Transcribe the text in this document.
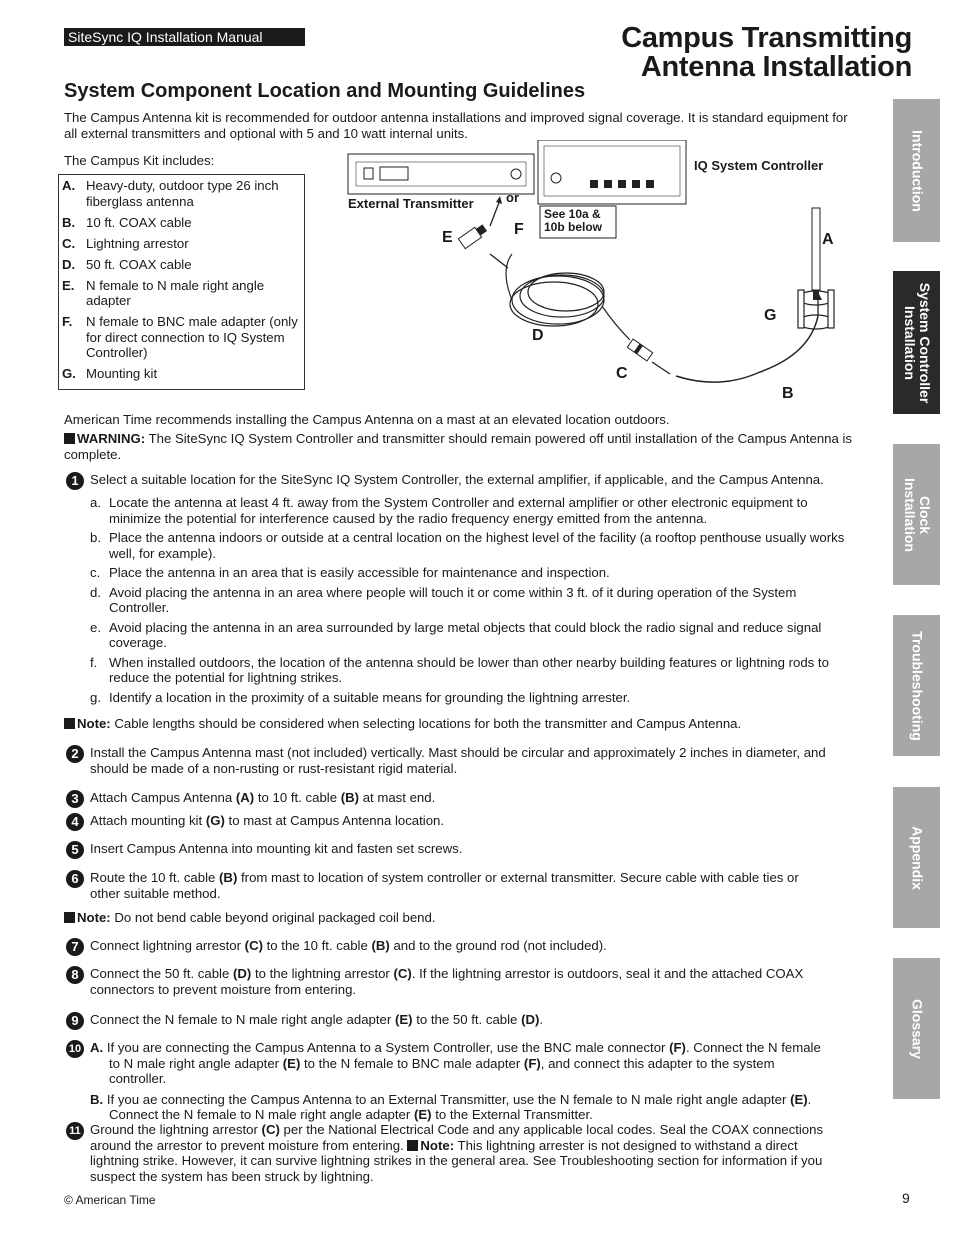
SiteSync IQ Installation Manual	Campus Transmitting
Antenna Installation
System Component Location and Mounting Guidelines
The Campus Antenna kit is recommended for outdoor antenna installations and improved signal coverage. It is standard equipment for all external transmitters and optional with 5 and 10 watt internal units.
The Campus Kit includes:
A. Heavy-duty, outdoor type 26 inch fiberglass antenna
B. 10 ft. COAX cable
C. Lightning arrestor
D. 50 ft. COAX cable
E. N female to N male right angle adapter
F.	N female to BNC male adapter (only for direct connection to IQ System Controller)
G. Mounting kit
IQ System Controller
External Transmitter or
See 10a & 10b below
E	F
A
G
D
C
B
American Time recommends installing the Campus Antenna on a mast at an elevated location outdoors.
WARNING: The SiteSync IQ System Controller and transmitter should remain powered off until installation of the Campus Antenna is complete.
1 Select a suitable location for the SiteSync IQ System Controller, the external amplifier, if applicable, and the Campus Antenna.
a. Locate the antenna at least 4 ft. away from the System Controller and external amplifier or other electronic equipment to minimize the potential for interference caused by the radio frequency energy emitted from the antenna.
b. Place the antenna indoors or outside at a central location on the highest level of the facility (a rooftop penthouse usually works well, for example).
c. Place the antenna in an area that is easily accessible for maintenance and inspection.
d. Avoid placing the antenna in an area where people will touch it or come within 3 ft. of it during operation of the System Controller.
e. Avoid placing the antenna in an area surrounded by large metal objects that could block the radio signal and reduce signal coverage.
f. When installed outdoors, the location of the antenna should be lower than other nearby building features or lightning rods to reduce the potential for lightning strikes.
g. Identify a location in the proximity of a suitable means for grounding the lightning arrester.
Note: Cable lengths should be considered when selecting locations for both the transmitter and Campus Antenna.
2 Install the Campus Antenna mast (not included) vertically. Mast should be circular and approximately 2 inches in diameter, and should be made of a non-rusting or rust-resistant rigid material.
3 Attach Campus Antenna (A) to 10 ft. cable (B) at mast end.
4 Attach mounting kit (G) to mast at Campus Antenna location.
5 Insert Campus Antenna into mounting kit and fasten set screws.
6 Route the 10 ft. cable (B) from mast to location of system controller or external transmitter. Secure cable with cable ties or other suitable method.
Note: Do not bend cable beyond original packaged coil bend.
7 Connect lightning arrestor (C) to the 10 ft. cable (B) and to the ground rod (not included).
8 Connect the 50 ft. cable (D) to the lightning arrestor (C). If the lightning arrestor is outdoors, seal it and the attached COAX connectors to prevent moisture from entering.
9 Connect the N female to N male right angle adapter (E) to the 50 ft. cable (D).
10 A. If you are connecting the Campus Antenna to a System Controller, use the BNC male connector (F). Connect the N female to N male right angle adapter (E) to the N female to BNC male adapter (F), and connect this adapter to the system controller.
B. If you ae connecting the Campus Antenna to an External Transmitter, use the N female to N male right angle adapter (E). Connect the N female to N male right angle adapter (E) to the External Transmitter.
11 Ground the lightning arrestor (C) per the National Electrical Code and any applicable local codes. Seal the COAX connections around the arrestor to prevent moisture from entering. Note: This lightning arrester is not designed to withstand a direct lightning strike. However, it can survive lightning strikes in the general area. See Troubleshooting section for information if you suspect the system has been struck by lightning.
Introduction
System Controller
Installation
Clock
Installation
Troubleshooting
Appendix
Glossary
© American Time	9
